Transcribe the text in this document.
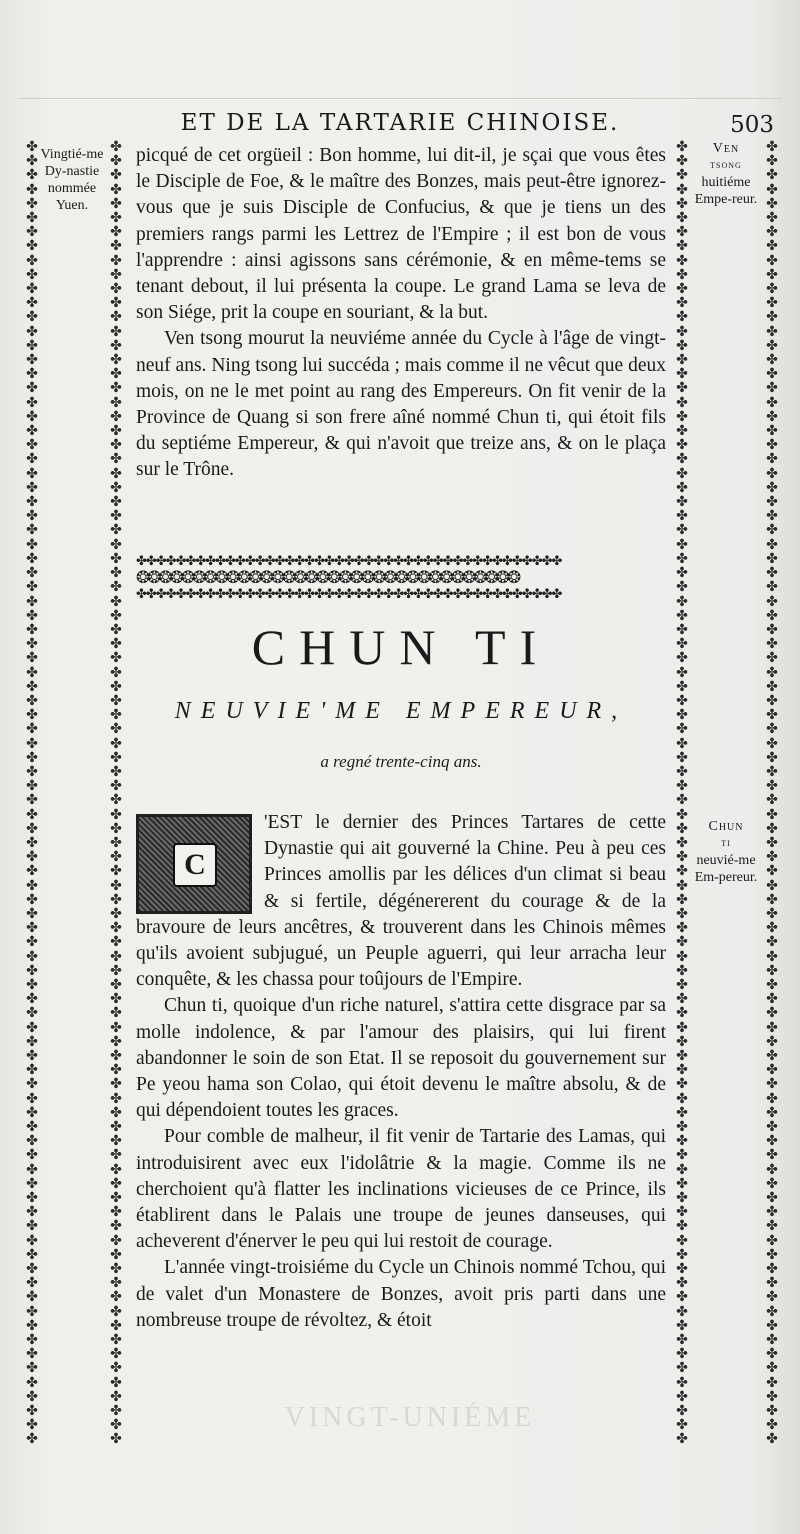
ET DE LA TARTARIE CHINOISE.	503
✤
✤
✤
✤
✤
✤
✤
✤
✤
✤
✤
✤
✤
✤
✤
✤
✤
✤
✤
✤
✤
✤
✤
✤
✤
✤
✤
✤
✤
✤
✤
✤
✤
✤
✤
✤
✤
✤
✤
✤
✤
✤
✤
✤
✤
✤
✤
✤
✤
✤
✤
✤
✤
✤
✤
✤
✤
✤
✤
✤
✤
✤
✤
✤
✤
✤
✤
✤
✤
✤
✤
✤
✤
✤
✤
✤
✤
✤
✤
✤
✤
✤
✤
✤
✤
✤
✤
✤
✤
✤
✤
✤
✤
✤
✤
✤
✤
✤
✤
✤
✤
✤
✤
✤
✤
✤
✤
✤
✤
✤
✤
✤
✤
✤
✤
✤
✤
✤
✤
✤
✤
✤
✤
✤
✤
✤
✤
✤
✤
✤
✤
✤
✤
✤
✤
✤
✤
✤
✤
✤
✤
✤
✤
✤
✤
✤
✤
✤
✤
✤
✤
✤
✤
✤
✤
✤
✤
✤
✤
✤
✤
✤
✤
✤
✤
✤
✤
✤
✤
✤
✤
✤
✤
✤
✤
✤
✤
✤
✤
✤
✤
✤
✤
✤
✤
✤
✤
✤
✤
✤
✤
✤
✤
✤
✤
✤
✤
✤
✤
✤
✤
✤
✤
✤
✤
✤
✤
✤
✤
✤
✤
✤
✤
✤
✤
✤
✤
✤
✤
✤
✤
✤
✤
✤
✤
✤
✤
✤
✤
✤
✤
✤
✤
✤
✤
✤
✤
✤
✤
✤
✤
✤
✤
✤
✤
✤
✤
✤
✤
✤
✤
✤
✤
✤
✤
✤
✤
✤
✤
✤
✤
✤
✤
✤
✤
✤
✤
✤
✤
✤
✤
✤
✤
✤
✤
✤
✤
✤
✤
✤
✤
✤
✤
✤
✤
✤
✤
✤
✤
✤
✤
✤
✤
✤
✤
✤
✤
✤
✤
✤
✤
✤
✤
✤
✤
✤
✤
✤
✤
✤
✤
✤
✤
✤
✤
✤
✤
✤
✤
✤
✤
✤
✤
✤
✤
✤
✤
✤
✤
✤
✤
✤
✤
✤
✤
✤
✤
✤
✤
✤
✤
✤
✤
✤
✤
✤
✤
✤
✤
✤
✤
✤
✤
✤
✤
✤
✤
✤
✤
✤
✤
✤
✤
✤
✤
✤
✤
✤
Vingtié-me Dy-nastie nommée Yuen.
Ven
tsong
huitiéme Empe-reur.

picqué de cet orgüeil : Bon homme, lui dit-il, je sçai que vous êtes le Disciple de Foe, & le maître des Bonzes, mais peut-être ignorez-vous que je suis Disciple de Confucius, & que je tiens un des premiers rangs parmi les Lettrez de l'Empire ; il est bon de vous l'apprendre : ainsi agissons sans cérémonie, & en même-tems se tenant debout, il lui présenta la coupe. Le grand Lama se leva de son Siége, prit la coupe en souriant, & la but.

Ven tsong mourut la neuviéme année du Cycle à l'âge de vingt-neuf ans. Ning tsong lui succéda ; mais comme il ne vêcut que deux mois, on ne le met point au rang des Empereurs. On fit venir de la Province de Quang si son frere aîné nommé Chun ti, qui étoit fils du septiéme Empereur, & qui n'avoit que treize ans, & on le plaça sur le Trône.

✤✤✤✤✤✤✤✤✤✤✤✤✤✤✤✤✤✤✤✤✤✤✤✤✤✤✤✤✤✤✤✤✤✤✤✤✤✤✤✤✤✤✤
❂❂❂❂❂❂❂❂❂❂❂❂❂❂❂❂❂❂❂❂❂❂❂❂❂❂❂❂❂❂❂❂❂❂
✤✤✤✤✤✤✤✤✤✤✤✤✤✤✤✤✤✤✤✤✤✤✤✤✤✤✤✤✤✤✤✤✤✤✤✤✤✤✤✤✤✤✤
CHUN TI
NEUVIE'ME EMPEREUR,
a regné trente-cinq ans.
Chun
ti
neuvié-me Em-pereur.
C

'EST le dernier des Princes Tartares de cette Dynastie qui ait gouverné la Chine. Peu à peu ces Princes amollis par les délices d'un climat si beau & si fertile, dégénererent du courage & de la bravoure de leurs ancêtres, & trouverent dans les Chinois mêmes qu'ils avoient subjugué, un Peuple aguerri, qui leur arracha leur conquête, & les chassa pour toûjours de l'Empire.

Chun ti, quoique d'un riche naturel, s'attira cette disgrace par sa molle indolence, & par l'amour des plaisirs, qui lui firent abandonner le soin de son Etat. Il se reposoit du gouvernement sur Pe yeou hama son Colao, qui étoit devenu le maître absolu, & de qui dépendoient toutes les graces.

Pour comble de malheur, il fit venir de Tartarie des Lamas, qui introduisirent avec eux l'idolâtrie & la magie. Comme ils ne cherchoient qu'à flatter les inclinations vicieuses de ce Prince, ils établirent dans le Palais une troupe de jeunes danseuses, qui acheverent d'énerver le peu qui lui restoit de courage.

L'année vingt-troisiéme du Cycle un Chinois nommé Tchou, qui de valet d'un Monastere de Bonzes, avoit pris parti dans une nombreuse troupe de révoltez, & étoit

VINGT-UNIÉME
